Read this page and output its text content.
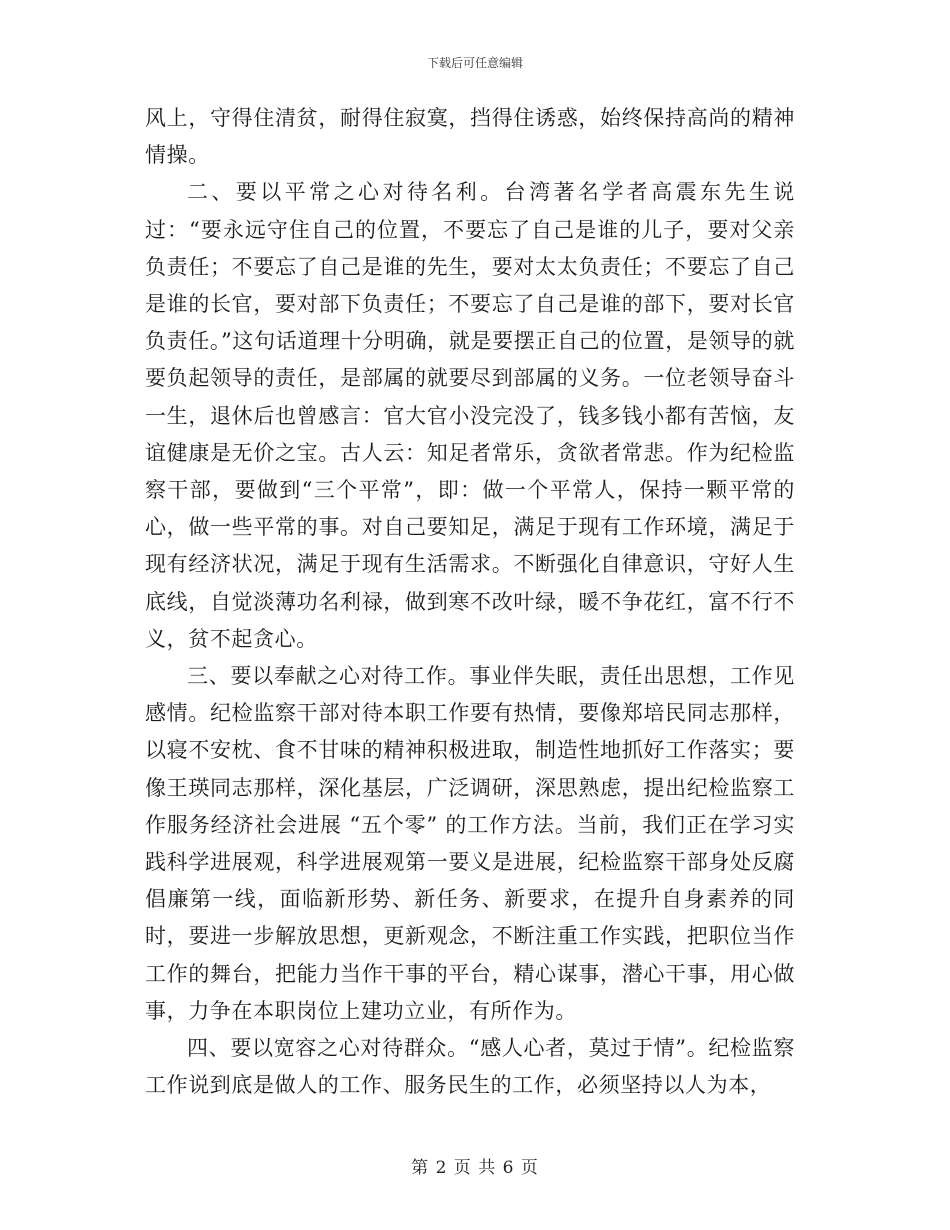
下载后可任意编辑

风上，守得住清贫，耐得住寂寞，挡得住诱惑，始终保持高尚的精神情操。

二、要以平常之心对待名利。台湾著名学者高震东先生说过：“要永远守住自己的位置，不要忘了自己是谁的儿子，要对父亲负责任；不要忘了自己是谁的先生，要对太太负责任；不要忘了自己是谁的长官，要对部下负责任；不要忘了自己是谁的部下，要对长官负责任。”这句话道理十分明确，就是要摆正自己的位置，是领导的就要负起领导的责任，是部属的就要尽到部属的义务。一位老领导奋斗一生，退休后也曾感言：官大官小没完没了，钱多钱小都有苦恼，友谊健康是无价之宝。古人云：知足者常乐，贪欲者常悲。作为纪检监察干部，要做到“三个平常”，即：做一个平常人，保持一颗平常的心，做一些平常的事。对自己要知足，满足于现有工作环境，满足于现有经济状况，满足于现有生活需求。不断强化自律意识，守好人生底线，自觉淡薄功名利禄，做到寒不改叶绿，暖不争花红，富不行不义，贫不起贪心。

三、要以奉献之心对待工作。事业伴失眠，责任出思想，工作见感情。纪检监察干部对待本职工作要有热情，要像郑培民同志那样，以寝不安枕、食不甘味的精神积极进取，制造性地抓好工作落实；要像王瑛同志那样，深化基层，广泛调研，深思熟虑，提出纪检监察工作服务经济社会进展 “五个零” 的工作方法。当前，我们正在学习实践科学进展观，科学进展观第一要义是进展，纪检监察干部身处反腐倡廉第一线，面临新形势、新任务、新要求，在提升自身素养的同时，要进一步解放思想，更新观念，不断注重工作实践，把职位当作工作的舞台，把能力当作干事的平台，精心谋事，潜心干事，用心做事，力争在本职岗位上建功立业，有所作为。

四、要以宽容之心对待群众。“感人心者，莫过于情”。纪检监察工作说到底是做人的工作、服务民生的工作，必须坚持以人为本，

第 2 页 共 6 页
